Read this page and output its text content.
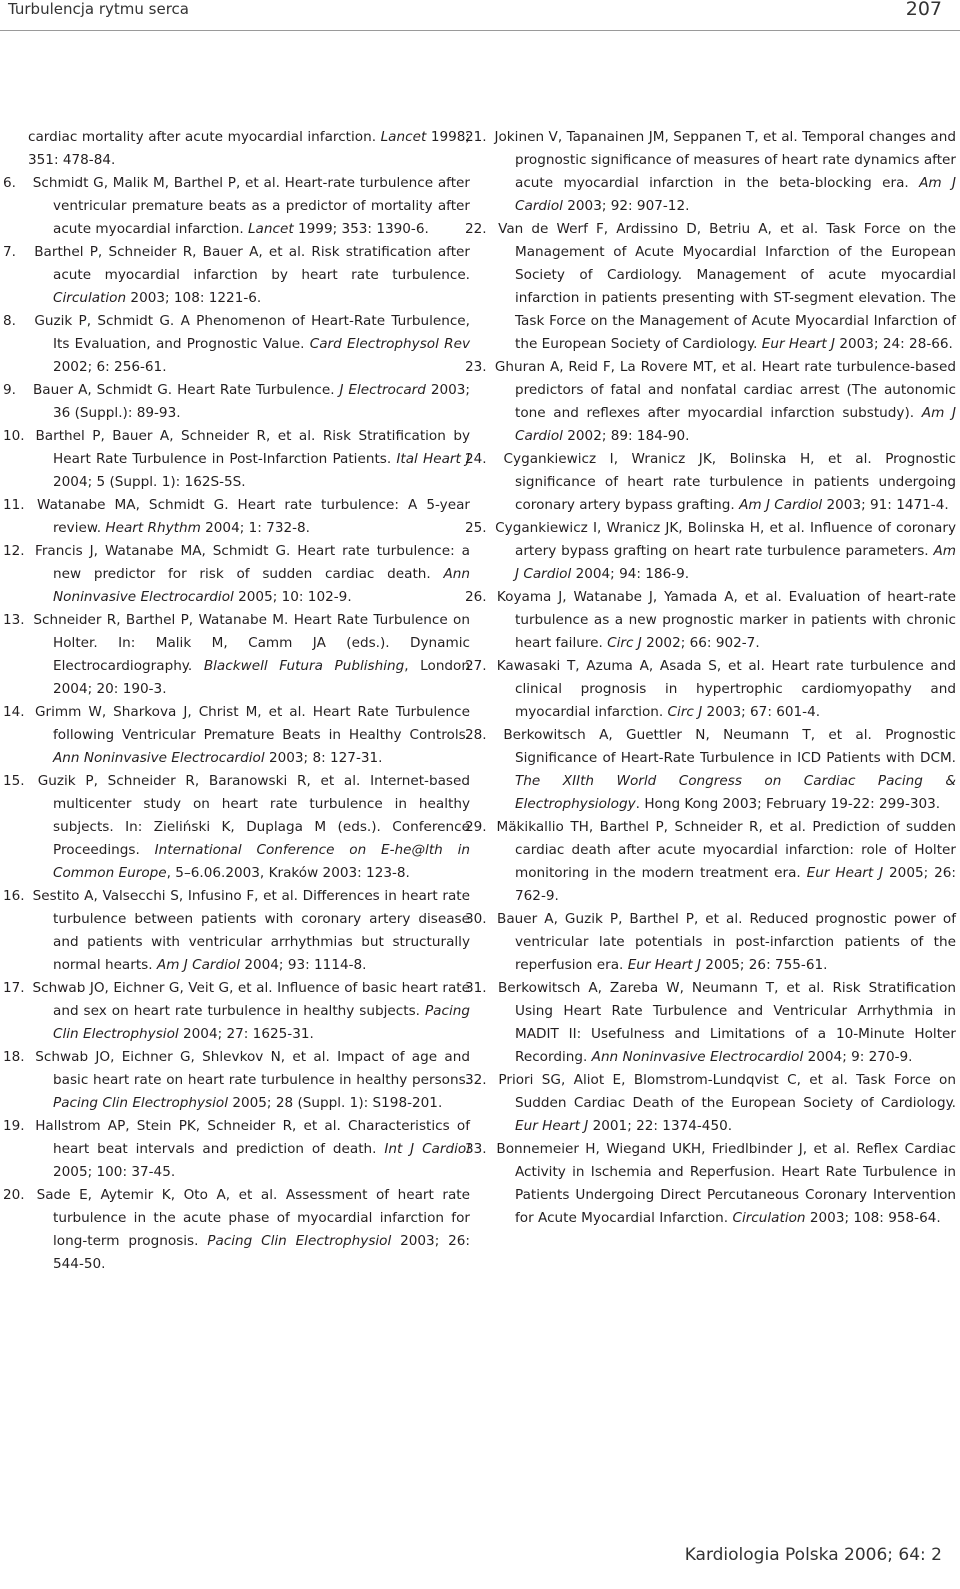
Turbulencja rytmu serca	207

cardiac mortality after acute myocardial infarction. Lancet 1998; 351: 478-84.

6. Schmidt G, Malik M, Barthel P, et al. Heart-rate turbulence after ventricular premature beats as a predictor of mortality after acute myocardial infarction. Lancet 1999; 353: 1390-6.

7. Barthel P, Schneider R, Bauer A, et al. Risk stratification after acute myocardial infarction by heart rate turbulence. Circulation 2003; 108: 1221-6.

8. Guzik P, Schmidt G. A Phenomenon of Heart-Rate Turbulence, Its Evaluation, and Prognostic Value. Card Electrophysol Rev 2002; 6: 256-61.

9. Bauer A, Schmidt G. Heart Rate Turbulence. J Electrocard 2003; 36 (Suppl.): 89-93.

10. Barthel P, Bauer A, Schneider R, et al. Risk Stratification by Heart Rate Turbulence in Post-Infarction Patients. Ital Heart J 2004; 5 (Suppl. 1): 162S-5S.

11. Watanabe MA, Schmidt G. Heart rate turbulence: A 5-year review. Heart Rhythm 2004; 1: 732-8.

12. Francis J, Watanabe MA, Schmidt G. Heart rate turbulence: a new predictor for risk of sudden cardiac death. Ann Noninvasive Electrocardiol 2005; 10: 102-9.

13. Schneider R, Barthel P, Watanabe M. Heart Rate Turbulence on Holter. In: Malik M, Camm JA (eds.). Dynamic Electrocardiography. Blackwell Futura Publishing, London 2004; 20: 190-3.

14. Grimm W, Sharkova J, Christ M, et al. Heart Rate Turbulence following Ventricular Premature Beats in Healthy Controls. Ann Noninvasive Electrocardiol 2003; 8: 127-31.

15. Guzik P, Schneider R, Baranowski R, et al. Internet-based multicenter study on heart rate turbulence in healthy subjects. In: Zieliński K, Duplaga M (eds.). Conference Proceedings. International Conference on E-he@lth in Common Europe, 5–6.06.2003, Kraków 2003: 123-8.

16. Sestito A, Valsecchi S, Infusino F, et al. Differences in heart rate turbulence between patients with coronary artery disease and patients with ventricular arrhythmias but structurally normal hearts. Am J Cardiol 2004; 93: 1114-8.

17. Schwab JO, Eichner G, Veit G, et al. Influence of basic heart rate and sex on heart rate turbulence in healthy subjects. Pacing Clin Electrophysiol 2004; 27: 1625-31.

18. Schwab JO, Eichner G, Shlevkov N, et al. Impact of age and basic heart rate on heart rate turbulence in healthy persons. Pacing Clin Electrophysiol 2005; 28 (Suppl. 1): S198-201.

19. Hallstrom AP, Stein PK, Schneider R, et al. Characteristics of heart beat intervals and prediction of death. Int J Cardiol 2005; 100: 37-45.

20. Sade E, Aytemir K, Oto A, et al. Assessment of heart rate turbulence in the acute phase of myocardial infarction for long-term prognosis. Pacing Clin Electrophysiol 2003; 26: 544-50.

21. Jokinen V, Tapanainen JM, Seppanen T, et al. Temporal changes and prognostic significance of measures of heart rate dynamics after acute myocardial infarction in the beta-blocking era. Am J Cardiol 2003; 92: 907-12.

22. Van de Werf F, Ardissino D, Betriu A, et al. Task Force on the Management of Acute Myocardial Infarction of the European Society of Cardiology. Management of acute myocardial infarction in patients presenting with ST-segment elevation. The Task Force on the Management of Acute Myocardial Infarction of the European Society of Cardiology. Eur Heart J 2003; 24: 28-66.

23. Ghuran A, Reid F, La Rovere MT, et al. Heart rate turbulence-based predictors of fatal and nonfatal cardiac arrest (The autonomic tone and reflexes after myocardial infarction substudy). Am J Cardiol 2002; 89: 184-90.

24. Cygankiewicz I, Wranicz JK, Bolinska H, et al. Prognostic significance of heart rate turbulence in patients undergoing coronary artery bypass grafting. Am J Cardiol 2003; 91: 1471-4.

25. Cygankiewicz I, Wranicz JK, Bolinska H, et al. Influence of coronary artery bypass grafting on heart rate turbulence parameters. Am J Cardiol 2004; 94: 186-9.

26. Koyama J, Watanabe J, Yamada A, et al. Evaluation of heart-rate turbulence as a new prognostic marker in patients with chronic heart failure. Circ J 2002; 66: 902-7.

27. Kawasaki T, Azuma A, Asada S, et al. Heart rate turbulence and clinical prognosis in hypertrophic cardiomyopathy and myocardial infarction. Circ J 2003; 67: 601-4.

28. Berkowitsch A, Guettler N, Neumann T, et al. Prognostic Significance of Heart-Rate Turbulence in ICD Patients with DCM. The XIIth World Congress on Cardiac Pacing & Electrophysiology. Hong Kong 2003; February 19-22: 299-303.

29. Mäkikallio TH, Barthel P, Schneider R, et al. Prediction of sudden cardiac death after acute myocardial infarction: role of Holter monitoring in the modern treatment era. Eur Heart J 2005; 26: 762-9.

30. Bauer A, Guzik P, Barthel P, et al. Reduced prognostic power of ventricular late potentials in post-infarction patients of the reperfusion era. Eur Heart J 2005; 26: 755-61.

31. Berkowitsch A, Zareba W, Neumann T, et al. Risk Stratification Using Heart Rate Turbulence and Ventricular Arrhythmia in MADIT II: Usefulness and Limitations of a 10-Minute Holter Recording. Ann Noninvasive Electrocardiol 2004; 9: 270-9.

32. Priori SG, Aliot E, Blomstrom-Lundqvist C, et al. Task Force on Sudden Cardiac Death of the European Society of Cardiology. Eur Heart J 2001; 22: 1374-450.

33. Bonnemeier H, Wiegand UKH, Friedlbinder J, et al. Reflex Cardiac Activity in Ischemia and Reperfusion. Heart Rate Turbulence in Patients Undergoing Direct Percutaneous Coronary Intervention for Acute Myocardial Infarction. Circulation 2003; 108: 958-64.

Kardiologia Polska 2006; 64: 2
